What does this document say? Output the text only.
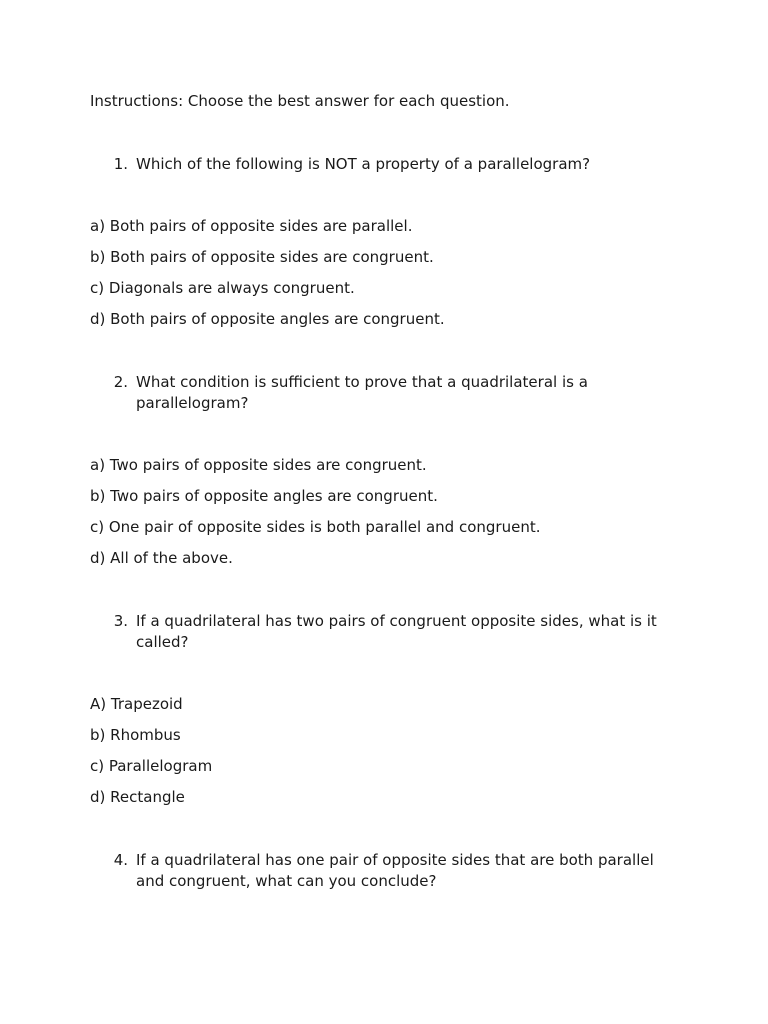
Instructions: Choose the best answer for each question.
1. Which of the following is NOT a property of a parallelogram?
a) Both pairs of opposite sides are parallel.
b) Both pairs of opposite sides are congruent.
c) Diagonals are always congruent.
d) Both pairs of opposite angles are congruent.
2. What condition is sufficient to prove that a quadrilateral is a parallelogram?
a) Two pairs of opposite sides are congruent.
b) Two pairs of opposite angles are congruent.
c) One pair of opposite sides is both parallel and congruent.
d) All of the above.
3. If a quadrilateral has two pairs of congruent opposite sides, what is it called?
A) Trapezoid
b) Rhombus
c) Parallelogram
d) Rectangle
4. If a quadrilateral has one pair of opposite sides that are both parallel and congruent, what can you conclude?
